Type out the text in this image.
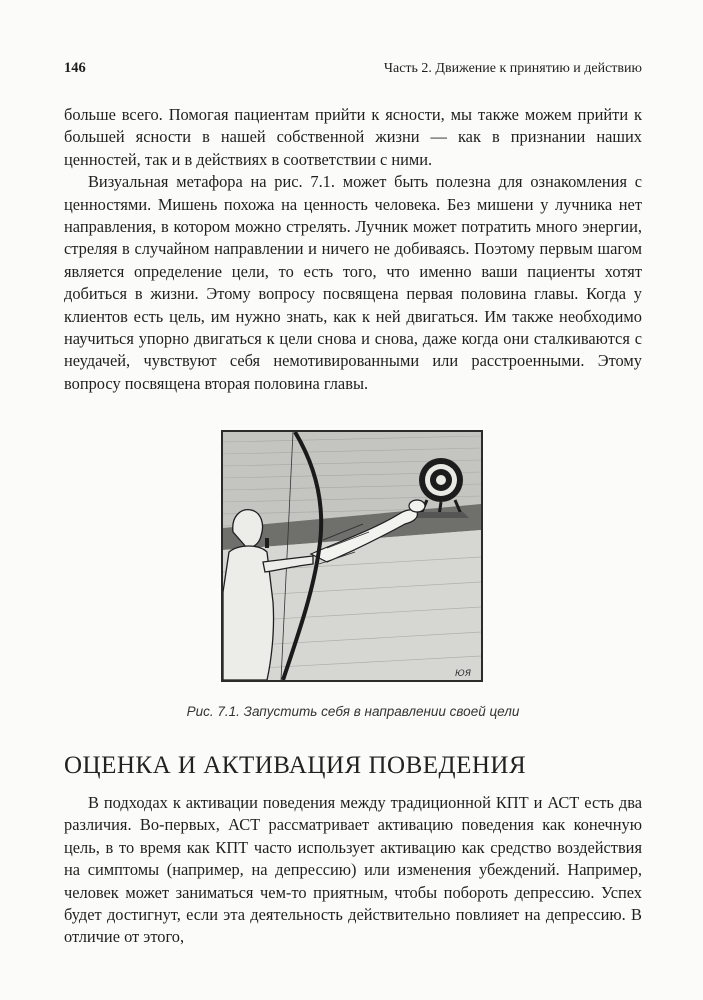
146	Часть 2. Движение к принятию и действию

больше всего. Помогая пациентам прийти к ясности, мы также можем прийти к большей ясности в нашей собственной жизни — как в признании наших ценностей, так и в действиях в соответствии с ними.

Визуальная метафора на рис. 7.1. может быть полезна для ознакомления с ценностями. Мишень похожа на ценность человека. Без мишени у лучника нет направления, в котором можно стрелять. Лучник может потратить много энергии, стреляя в случайном направлении и ничего не добиваясь. Поэтому первым шагом является определение цели, то есть того, что именно ваши пациенты хотят добиться в жизни. Этому вопросу посвящена первая половина главы. Когда у клиентов есть цель, им нужно знать, как к ней двигаться. Им также необходимо научиться упорно двигаться к цели снова и снова, даже когда они сталкиваются с неудачей, чувствуют себя немотивированными или расстроенными. Этому вопросу посвящена вторая половина главы.

ЮЯ
Рис. 7.1. Запустить себя в направлении своей цели
ОЦЕНКА И АКТИВАЦИЯ ПОВЕДЕНИЯ

В подходах к активации поведения между традиционной КПТ и АСТ есть два различия. Во-первых, АСТ рассматривает активацию поведения как конечную цель, в то время как КПТ часто использует активацию как средство воздействия на симптомы (например, на депрессию) или изменения убеждений. Например, человек может заниматься чем-то приятным, чтобы побороть депрессию. Успех будет достигнут, если эта деятельность действительно повлияет на депрессию. В отличие от этого,
